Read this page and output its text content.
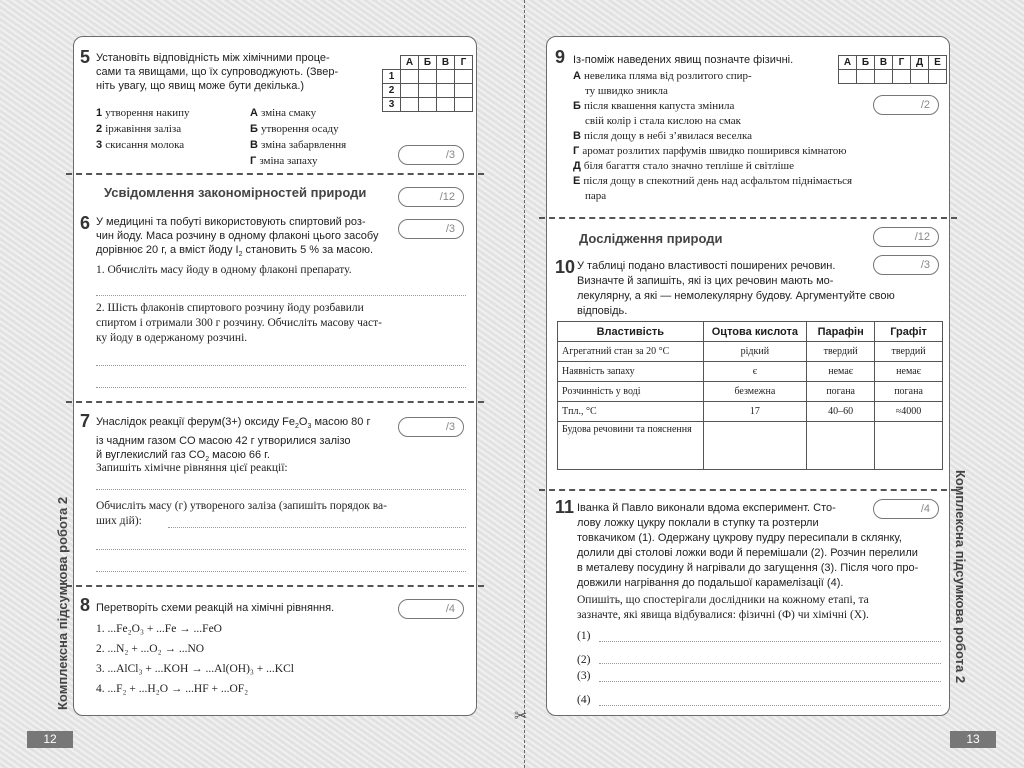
✂
5 Установіть відповідність між хімічними проце-
сами та явищами, що їх супроводжують. (Звер-
ніть увагу, що явищ може бути декілька.)
	А	Б	В	Г
1				
2				
3				
1 утворення накипу
2 іржавіння заліза
3 скисання молока
А зміна смаку
Б утворення осаду
В зміна забарвлення
Г зміна запаху	/3
Усвідомлення закономірностей природи	/12
6 У медицині та побуті використовують спиртовий роз-
чин йоду. Маса розчину в одному флаконі цього засобу
дорівнює 20 г, а вміст йоду $I_2$ становить 5 % за масою.
/3
1. Обчисліть масу йоду в одному флаконі препарату.
2. Шість флаконів спиртового розчину йоду розбавили
спиртом і отримали 300 г розчину. Обчисліть масову част-
ку йоду в одержаному розчині.
7 Унаслідок реакції ферум(3+) оксиду $Fe_2O_3$ масою 80 г
із чадним газом CO масою 42 г утворилися залізо
й вуглекислий газ $CO_2$ масою 66 г.
/3
Запишіть хімічне рівняння цієї реакції:
Обчисліть масу (г) утвореного заліза (запишіть порядок ва-
ших дій):
8 Перетворіть схеми реакцій на хімічні рівняння.	/4
1. ...Fe₂O₃ + ...Fe → ...FeO
2. ...N₂ + ...O₂ → ...NO
3. ...AlCl₃ + ...KOH → ...Al(OH)₃ + ...KCl
4. ...F₂ + ...H₂O → ...HF + ...OF₂
Комплексна підсумкова робота 2
12
9 Із-поміж наведених явищ позначте фізичні.	А	Б	В	Г	Д	Е

А невелика пляма від розлитого спир-
ту швидко зникла
Б після квашення капуста змінила
свій колір і стала кислою на смак
В після дощу в небі з’явилася веселка
Г аромат розлитих парфумів швидко поширився кімнатою
Д біля багаття стало значно тепліше й світліше
Е після дощу в спекотний день над асфальтом піднімається
пара
/2
Дослідження природи	/12
10 У таблиці подано властивості поширених речовин.
Визначте й запишіть, які із цих речовин мають мо-
лекулярну, а які — немолекулярну будову. Аргументуйте свою
відповідь.
/3
Властивість	Оцтова кислота	Парафін	Графіт
Агрегатний стан за 20 °С	рідкий	твердий	твердий
Наявність запаху	є	немає	немає
Розчинність у воді	безмежна	погана	погана
Tпл., °С	17	40–60	≈4000
Будова речовини та пояснення			
11 Іванка й Павло виконали вдома експеримент. Сто-
лову ложку цукру поклали в ступку та розтерли
товкачиком (1). Одержану цукрову пудру пересипали в склянку,
долили дві столові ложки води й перемішали (2). Розчин перелили
в металеву посудину й нагрівали до загущення (3). Після чого про-
довжили нагрівання до подальшої карамелізації (4).
/4
Опишіть, що спостерігали дослідники на кожному етапі, та
зазначте, які явища відбувалися: фізичні (Ф) чи хімічні (Х).
(1)
(2)
(3)
(4)
Комплексна підсумкова робота 2
13
